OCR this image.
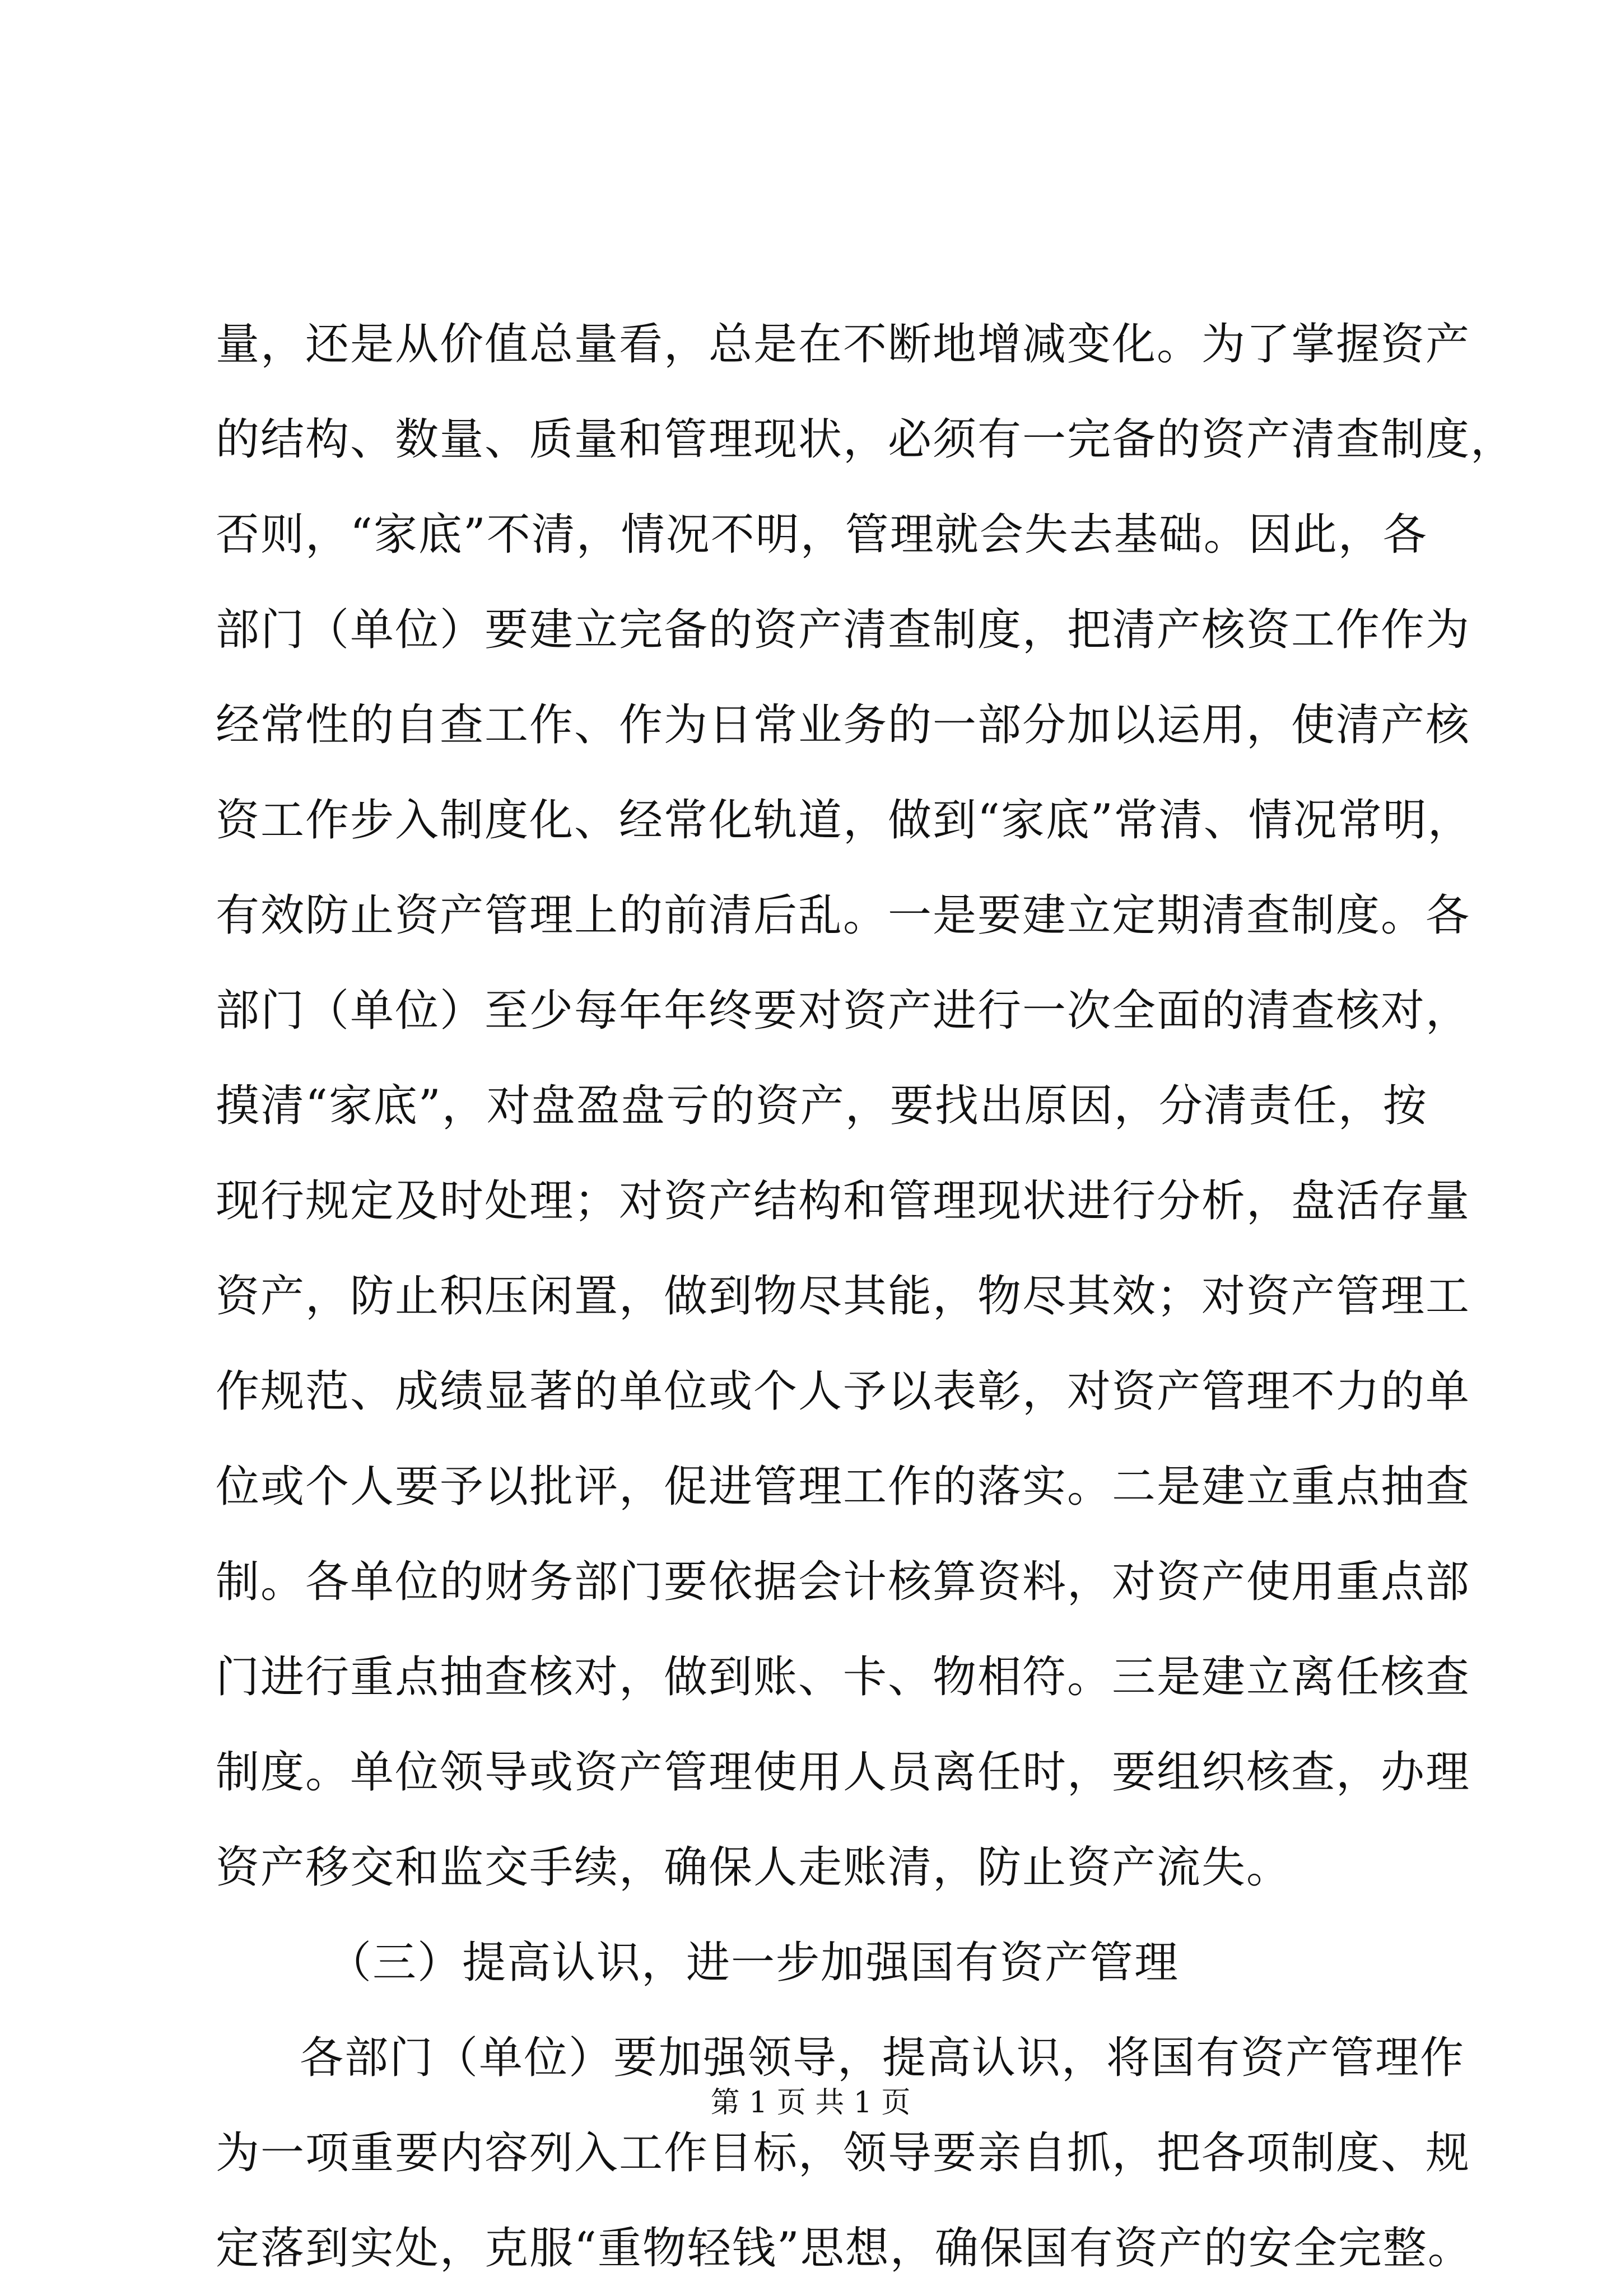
量，还是从价值总量看，总是在不断地增减变化。为了掌握资产
的结构、数量、质量和管理现状，必须有一完备的资产清查制度，
否则，“家底”不清，情况不明，管理就会失去基础。因此，各
部门（单位）要建立完备的资产清查制度，把清产核资工作作为
经常性的自查工作、作为日常业务的一部分加以运用，使清产核
资工作步入制度化、经常化轨道，做到“家底”常清、情况常明，
有效防止资产管理上的前清后乱。一是要建立定期清查制度。各
部门（单位）至少每年年终要对资产进行一次全面的清查核对，
摸清“家底”，对盘盈盘亏的资产，要找出原因，分清责任，按
现行规定及时处理；对资产结构和管理现状进行分析，盘活存量
资产，防止积压闲置，做到物尽其能，物尽其效；对资产管理工
作规范、成绩显著的单位或个人予以表彰，对资产管理不力的单
位或个人要予以批评，促进管理工作的落实。二是建立重点抽查
制。各单位的财务部门要依据会计核算资料，对资产使用重点部
门进行重点抽查核对，做到账、卡、物相符。三是建立离任核查
制度。单位领导或资产管理使用人员离任时，要组织核查，办理
资产移交和监交手续，确保人走账清，防止资产流失。
（三）提高认识，进一步加强国有资产管理
各部门（单位）要加强领导，提高认识，将国有资产管理作
为一项重要内容列入工作目标，领导要亲自抓，把各项制度、规
定落到实处，克服“重物轻钱”思想，确保国有资产的安全完整。
第 1 页 共 1 页
